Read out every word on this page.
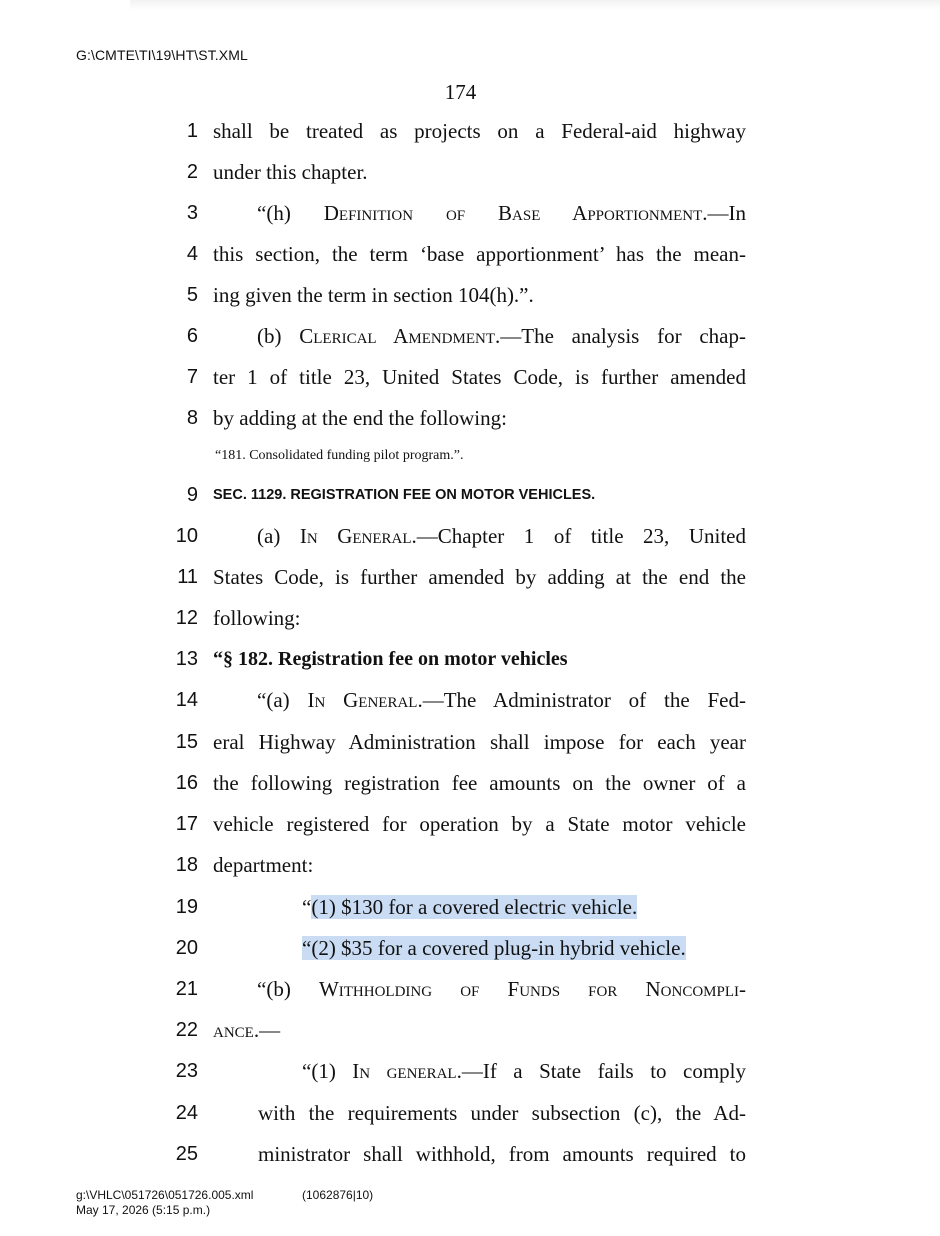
G:\CMTE\TI\19\HT\ST.XML
174
1 shall be treated as projects on a Federal-aid highway
2 under this chapter.
3	“(h) Definition of Base Apportionment.—In
4 this section, the term ‘base apportionment’ has the mean-
5 ing given the term in section 104(h).”.
6	(b) Clerical Amendment.—The analysis for chap-
7 ter 1 of title 23, United States Code, is further amended
8 by adding at the end the following:
“181. Consolidated funding pilot program.”.
9 SEC. 1129. REGISTRATION FEE ON MOTOR VEHICLES.
10	(a) In General.—Chapter 1 of title 23, United
11 States Code, is further amended by adding at the end the
12 following:
13 “§ 182. Registration fee on motor vehicles
14	“(a) In General.—The Administrator of the Fed-
15 eral Highway Administration shall impose for each year
16 the following registration fee amounts on the owner of a
17 vehicle registered for operation by a State motor vehicle
18 department:
19	“(1) $130 for a covered electric vehicle.
20	“(2) $35 for a covered plug-in hybrid vehicle.
21	“(b) Withholding of Funds for Noncompli-
22 ance.—
23	“(1) In general.—If a State fails to comply
24	with the requirements under subsection (c), the Ad-
25	ministrator shall withhold, from amounts required to
g:\VHLC\051726\051726.005.xml	(1062876|10)
May 17, 2026 (5:15 p.m.)
